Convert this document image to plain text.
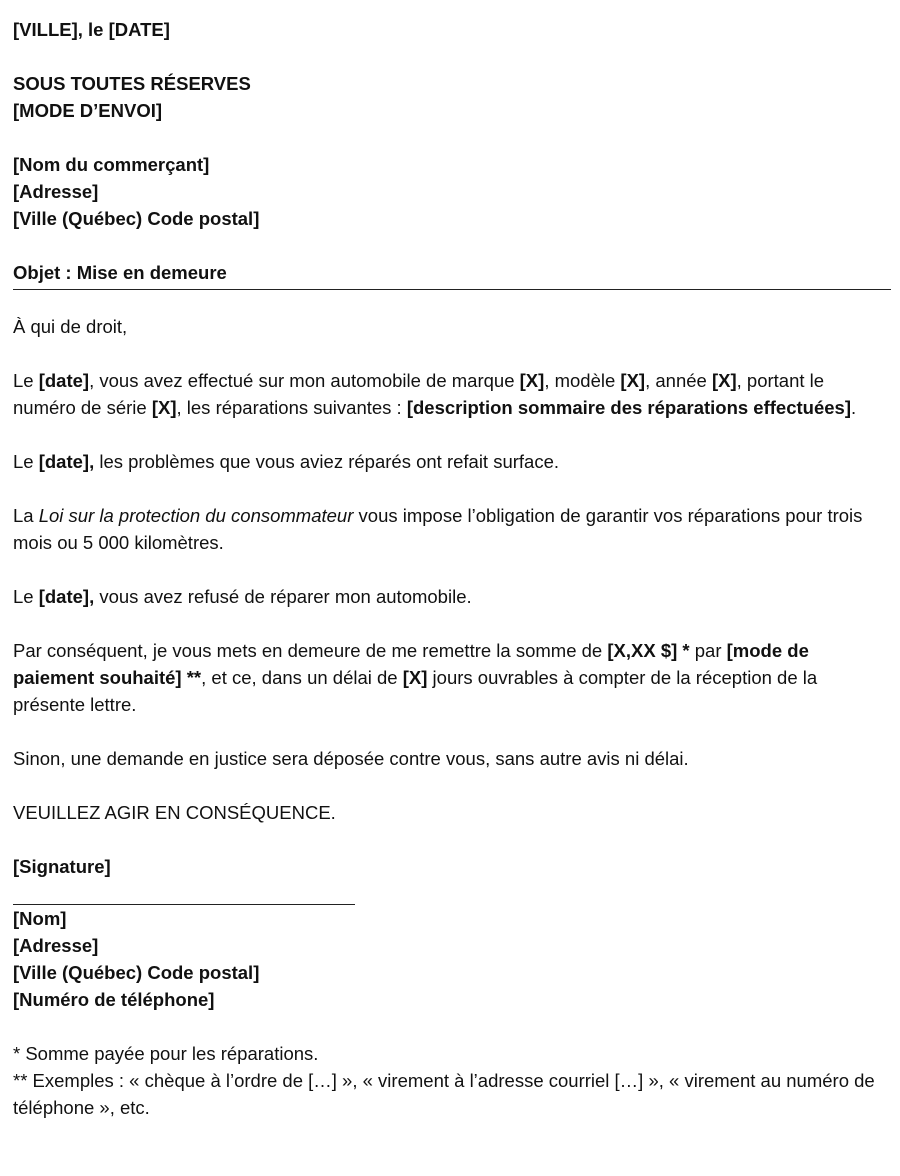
[VILLE], le [DATE]

SOUS TOUTES RÉSERVES

[MODE D’ENVOI]

[Nom du commerçant]

[Adresse]

[Ville (Québec) Code postal]

Objet : Mise en demeure

À qui de droit,

Le [date], vous avez effectué sur mon automobile de marque [X], modèle [X], année [X], portant le numéro de série [X], les réparations suivantes : [description sommaire des réparations effectuées].

Le [date], les problèmes que vous aviez réparés ont refait surface.

La Loi sur la protection du consommateur vous impose l’obligation de garantir vos réparations pour trois mois ou 5 000 kilomètres.

Le [date], vous avez refusé de réparer mon automobile.

Par conséquent, je vous mets en demeure de me remettre la somme de [X,XX $] * par [mode de paiement souhaité] **, et ce, dans un délai de [X] jours ouvrables à compter de la réception de la présente lettre.

Sinon, une demande en justice sera déposée contre vous, sans autre avis ni délai.

VEUILLEZ AGIR EN CONSÉQUENCE.

[Signature]

[Nom]

[Adresse]

[Ville (Québec) Code postal]

[Numéro de téléphone]

* Somme payée pour les réparations.

** Exemples : « chèque à l’ordre de […] », « virement à l’adresse courriel […] », « virement au numéro de téléphone », etc.
